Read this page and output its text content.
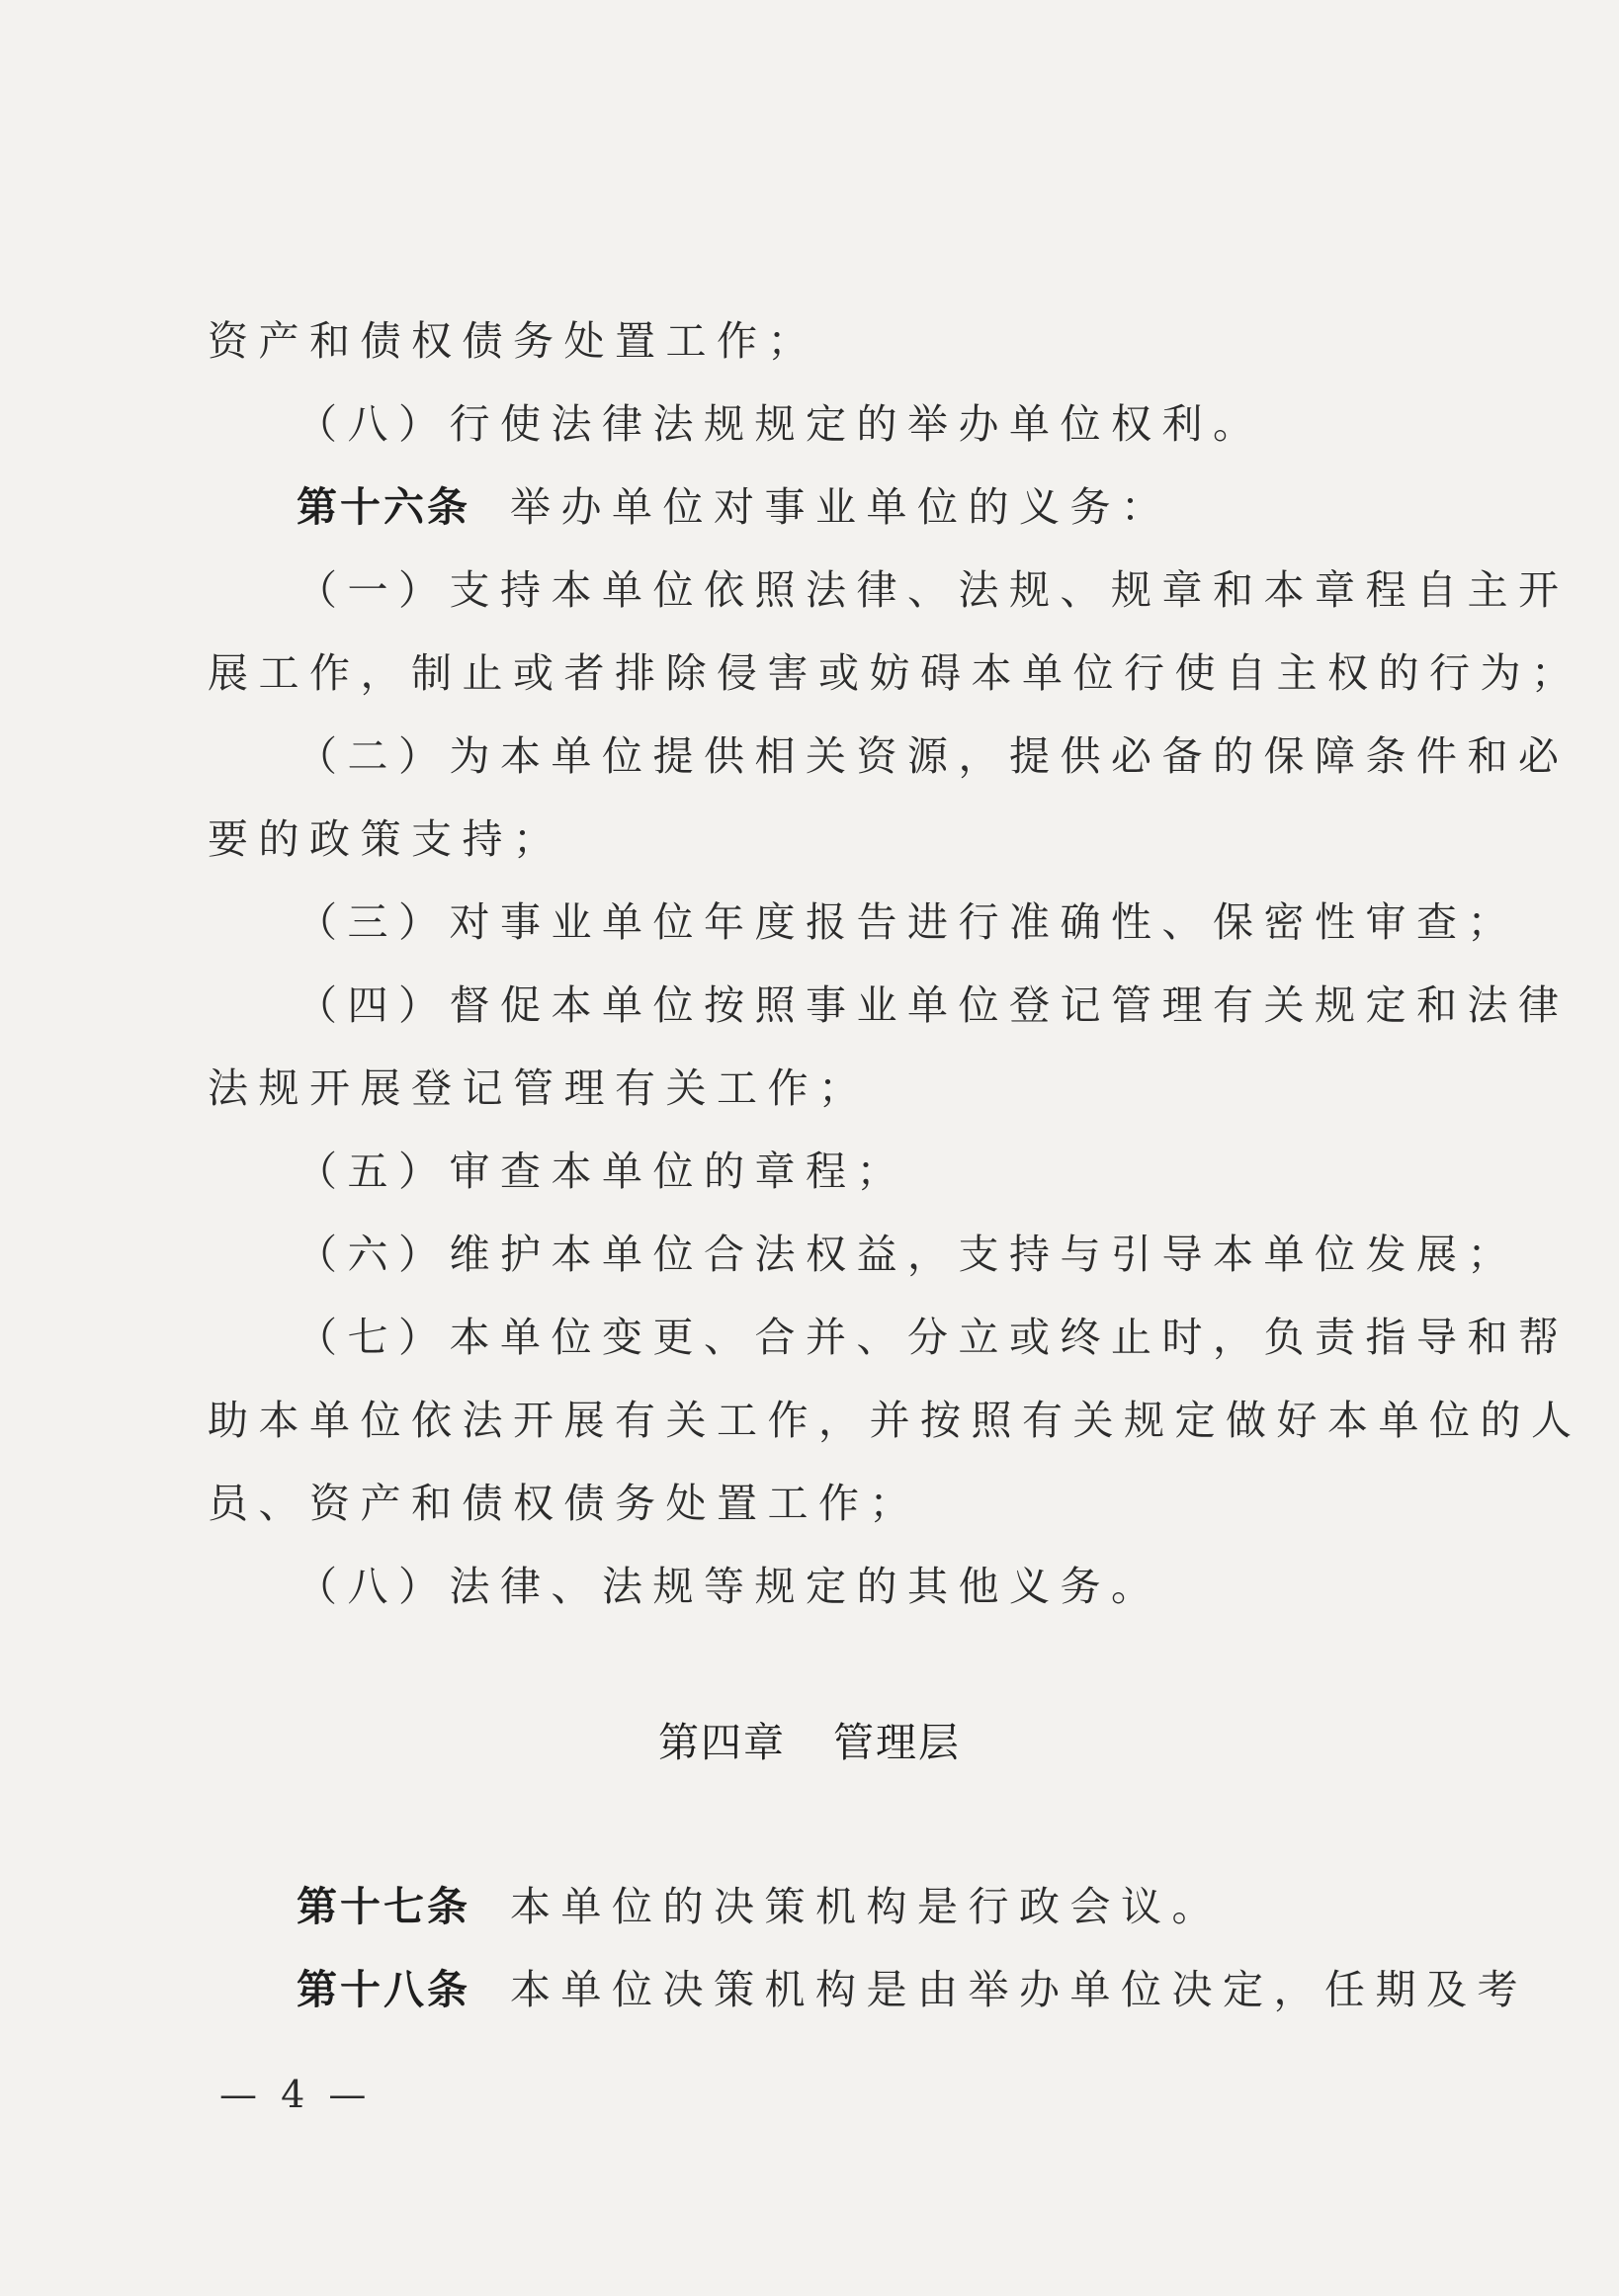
资产和债权债务处置工作；
（八）行使法律法规规定的举办单位权利。
第十六条 举办单位对事业单位的义务：
（一）支持本单位依照法律、法规、规章和本章程自主开
展工作，制止或者排除侵害或妨碍本单位行使自主权的行为；
（二）为本单位提供相关资源，提供必备的保障条件和必
要的政策支持；
（三）对事业单位年度报告进行准确性、保密性审查；
（四）督促本单位按照事业单位登记管理有关规定和法律
法规开展登记管理有关工作；
（五）审查本单位的章程；
（六）维护本单位合法权益，支持与引导本单位发展；
（七）本单位变更、合并、分立或终止时，负责指导和帮
助本单位依法开展有关工作，并按照有关规定做好本单位的人
员、资产和债权债务处置工作；
（八）法律、法规等规定的其他义务。
第四章 管理层
第十七条 本单位的决策机构是行政会议。
第十八条 本单位决策机构是由举办单位决定，任期及考
— 4 —
